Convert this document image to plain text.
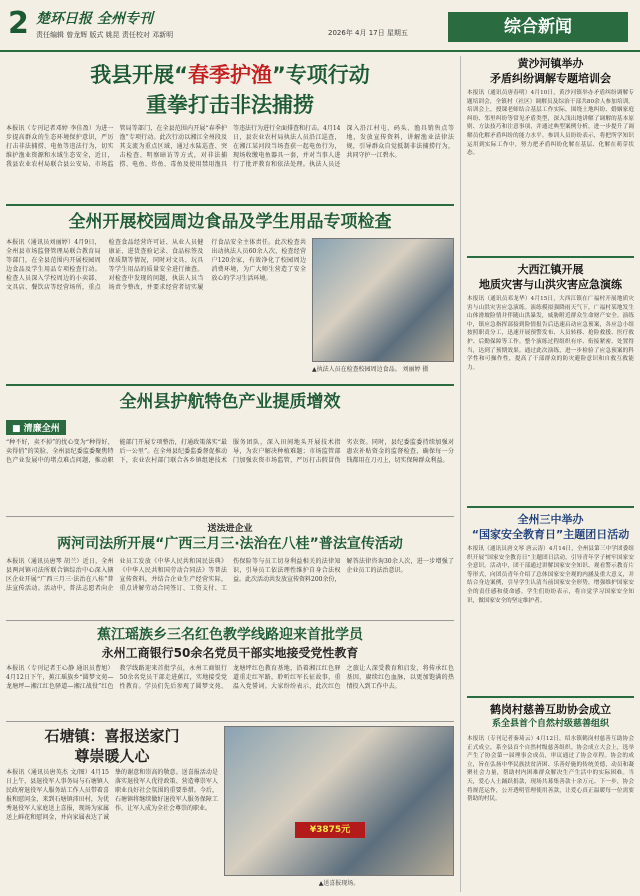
2 楚环日报 全州专刊
责任编辑 曾龙辉 版式 姚昆 责任校对 邓新明	2026年 4月 17日 星期五	综合新闻
我县开展“春季护渔”专项行动
重拳打击非法捕捞
本报讯（专刊记者邓婷 李佳盈）为进一步提高群众的生态环境保护意识，严厉打击非法捕捞、电鱼等违法行为，切实维护渔业资源和水域生态安全，近日，我县农业农村局联合县公安局、市场监管局等部门，在全县范围内开展“春季护渔”专项行动。此次行动以湘江全州段及其支流为重点区域，通过水陆巡查、突击检查、明察暗访等方式，对非法捕捞、电鱼、炸鱼、毒鱼及使用禁用渔具等违法行为进行全面排查和打击。4月14日，县农业农村局执法人员沿江巡查，在湘江某河段当场查获一起电鱼行为，现场收缴电鱼器具一套，并对当事人进行了批评教育和依法处理。执法人员还深入沿江村屯、码头、渔具销售点等地，发放宣传资料，讲解渔业法律法规，引导群众自觉抵制非法捕捞行为，共同守护一江碧水。
全州开展校园周边食品及学生用品专项检查
本报讯（通讯员刘丽婷）4月9日，全州县市场监督管理局联合教育局等部门，在全县范围内开展校园周边食品及学生用品专项检查行动。检查人员深入学校周边的小卖部、文具店、餐饮店等经营场所，重点检查食品经营许可证、从业人员健康证、进货查验记录、食品标签及保质期等情况，同时对文具、玩具等学生用品的质量安全进行抽查。对检查中发现的问题，执法人员当场责令整改，并要求经营者切实履行食品安全主体责任。此次检查共出动执法人员60余人次，检查经营户120余家，有效净化了校园周边消费环境，为广大师生营造了安全放心的学习生活环境。
▲执法人员在检查校园周边食品。 刘丽婷 摄
全州县护航特色产业提质增效
■ 清廉全州
“种不好，卖不掉”的忧心变为“种得好、卖得俏”的笑脸，全州县纪委监委聚焦特色产业发展中的堵点难点问题，推动职能部门开展专项整治，打通政策落实“最后一公里”。在全州县纪委监委督促推动下，农业农村部门联合各乡镇组建技术服务团队，深入田间地头开展技术指导，为农户解决种植难题；市场监管部门加强农资市场监管，严厉打击假冒伪劣农资。同时，县纪委监委持续加强对惠农补贴资金的监督检查，确保每一分钱都用在刀刃上，切实保障群众利益。
送法进企业
两河司法所开展“广西三月三·法治在八桂”普法宣传活动
本报讯（通讯员唐琴 胡兰）近日，全州县两河镇司法所联合镇综治中心深入辖区企业开展“广西三月三·法治在八桂”普法宣传活动。活动中，普法志愿者向企业员工发放《中华人民共和国民法典》《中华人民共和国劳动合同法》等普法宣传资料，并结合企业生产经营实际，重点讲解劳动合同签订、工资支付、工伤保险等与员工切身利益相关的法律知识，引导员工依法理性维护自身合法权益。此次活动共发放宣传资料200余份，解答法律咨询30余人次，进一步增强了企业员工的法治意识。
蕉江瑶族乡三名红色教学线路迎来首批学员
永州工商银行50余名党员干部实地接受党性教育
本报讯（专刊记者王心静 通讯员曹旭）4月12日下午，蕉江瑶族乡“圆梦文苑—龙塘坪—湘江红色驿道—湘江战役”红色教学线路迎来首批学员，永州工商银行50余名党员干部走进蕉江，实地接受党性教育。学员们先后参观了圆梦文苑、龙塘坪红色教育基地，沿着湘江红色驿道重走红军路，聆听红军长征故事，重温入党誓词。大家纷纷表示，此次红色之旅让人深受教育和启发，将传承红色基因，赓续红色血脉，以更加饱满的热情投入到工作中去。
石塘镇：喜报送家门
尊崇暖人心
本报讯（通讯员唐英杰 文/图）4月15日上午，县退役军人事务局与石塘镇人民政府退役军人服务站工作人员带着喜报和慰问金，来到石塘镇沛田村，为优秀退役军人家庭送上喜报，现场为家属送上鲜花和慰问金，并向家属表达了诚挚的谢意和崇高的敬意。送喜报活动是落实退役军人优待政策、营造尊崇军人职业良好社会氛围的重要举措。今后，石塘镇将继续做好退役军人服务保障工作，让军人成为全社会尊崇的职业。
¥3875元
▲送喜报现场。
黄沙河镇举办
矛盾纠纷调解专题培训会
本报讯（通讯员唐春明）4月10日，黄沙河镇举办矛盾纠纷调解专题培训会，全镇村（社区）调解员及综治干部共80余人参加培训。培训会上，授课老师结合基层工作实际，围绕土地纠纷、婚姻家庭纠纷、邻里纠纷等常见矛盾类型，深入浅出地讲解了调解的基本原则、方法技巧和注意事项，并通过典型案例分析，进一步提升了调解员化解矛盾纠纷的能力水平。参训人员纷纷表示，将把所学知识运用到实际工作中，努力把矛盾纠纷化解在基层、化解在萌芽状态。
大西江镇开展
地质灾害与山洪灾害应急演练
本报讯（通讯员邓龙华）4月15日，大西江镇在广福村开展地质灾害与山洪灾害应急演练。演练模拟强降雨天气下，广福村某地发生山体滑坡险情并伴随山洪暴发，威胁附近群众生命财产安全。演练中，镇应急指挥部接到险情报告后迅速启动应急预案，各应急小组按照职责分工，迅速开展预警发布、人员转移、抢险救援、医疗救护、后勤保障等工作。整个演练过程组织有序、衔接紧密、处置得当，达到了预期效果。通过此次演练，进一步检验了应急预案的科学性和可操作性，提高了干部群众的防灾避险意识和自救互救能力。
全州三中举办
“国家安全教育日”主题团日活动
本报讯（通讯员唐文琴 唐云涛）4月14日，全州县第三中学团委组织开展“国家安全教育日”主题团日活动，引导青年学子树牢国家安全意识。活动中，团干部通过讲解国家安全知识、观看警示教育片等形式，向团员青年介绍了总体国家安全观的内涵及重大意义，并结合身边案例，引导学生认清当前国家安全形势，增强维护国家安全的责任感和使命感。学生们纷纷表示，将自觉学习国家安全知识，做国家安全的坚定维护者。
鹤岗村慈善互助协会成立
系全县首个自然村级慈善组织
本报讯（专刊记者秦琦云）4月12日，绍水镇鹤岗村慈善互助协会正式成立，系全县首个自然村级慈善组织。协会成立大会上，选举产生了协会第一届理事会成员，审议通过了协会章程。协会的成立，旨在弘扬中华民族扶贫济困、乐善好施的传统美德，动员和凝聚社会力量，帮助村内困难群众解决生产生活中的实际困难。当天，爱心人士踊跃捐款，现场共募集善款十余万元。下一步，协会将规范运作，公开透明管理使用善款，让爱心真正温暖每一位需要帮助的村民。
